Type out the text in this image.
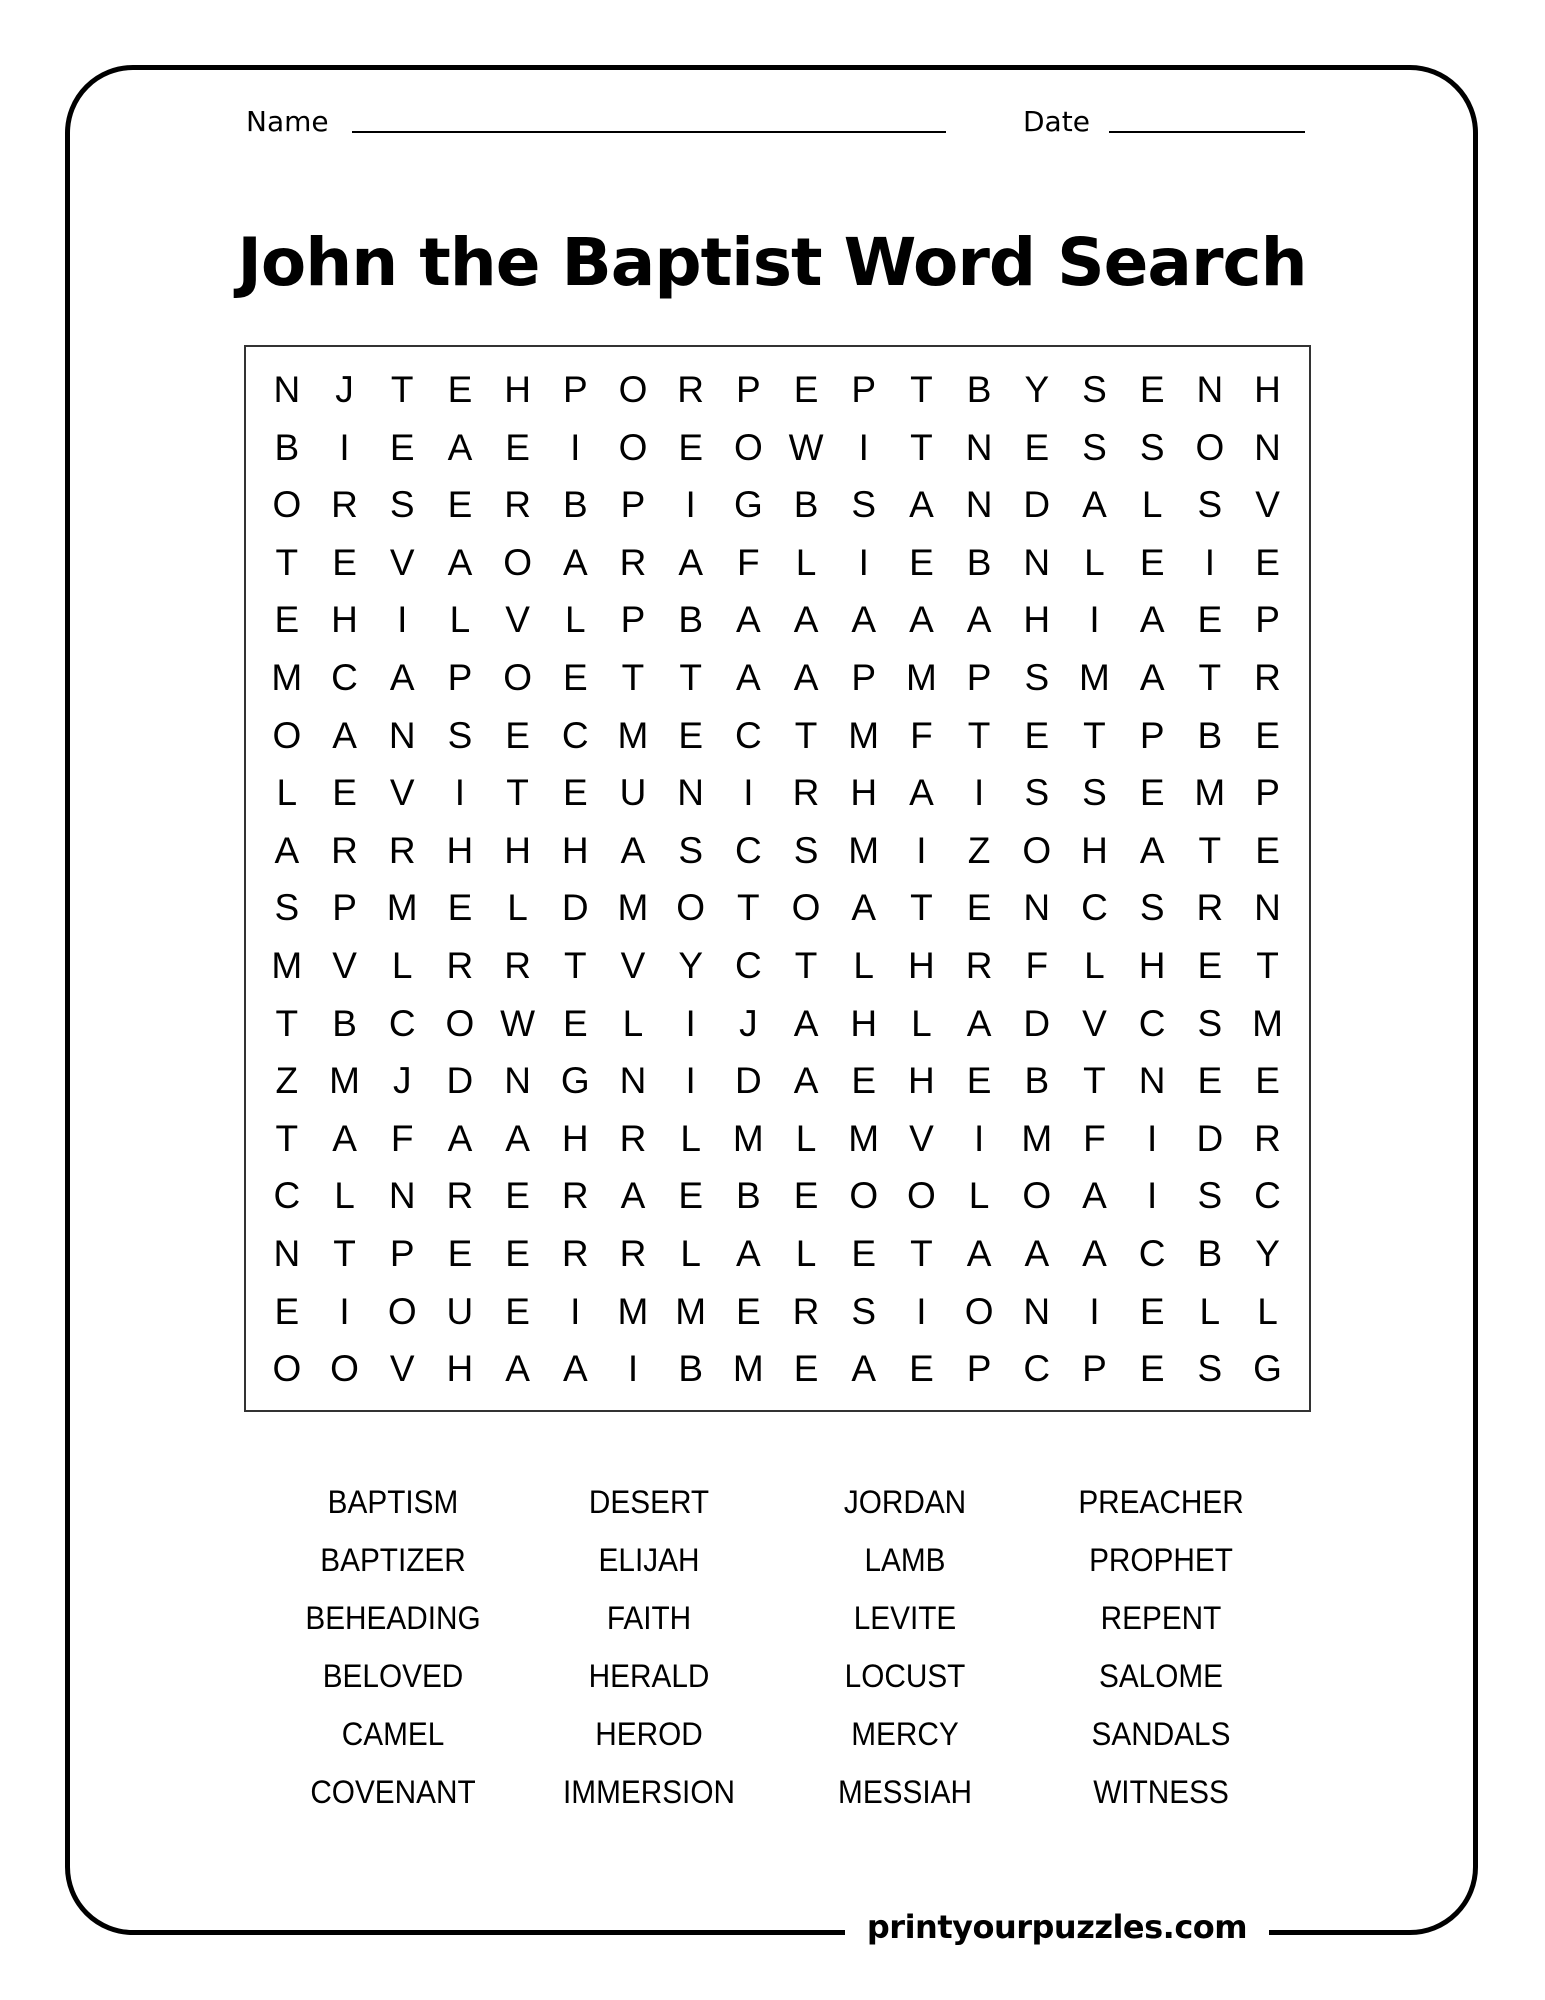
printyourpuzzles.com
Name	Date
John the Baptist Word Search
N J	T E H P O R P E P T B Y S E N H
B	I	E A E	I	O E O W I	T N E S S O N
O R S E R B P	I	G B S A N D A L S V
T E V A O A R A F L	I	E B N L E	I	E
E H	I	L V L P B A A A A A H	I	A E P
M C A P O E T T A A P M P S M A T R
O A N S E C M E C T M F T E T P B E
L E V	I	T E U N	I	R H A	I	S S E M P
A R R H H H A S C S M	I	Z O H A T E
S P M E L D M O T O A T E N C S R N
M V L R R T V Y C T L H R F L H E T
T B C O W E L	I	J A H L A D V C S M
Z M J D N G N	I	D A E H E B T N E E
T A F A A H R L M L M V	I	M F	I	D R
C L N R E R A E B E O O L O A	I	S C
N T P E E R R L A L E T A A A C B Y
E	I	O U E	I	M M E R S	I	O N	I	E L	L
O O V H A A	I	B M E A E P C P E S G
BAPTISM	DESERT	JORDAN	PREACHER
BAPTIZER	ELIJAH	LAMB	PROPHET
BEHEADING	FAITH	LEVITE	REPENT
BELOVED	HERALD	LOCUST	SALOME
CAMEL	HEROD	MERCY	SANDALS
COVENANT	IMMERSION	MESSIAH	WITNESS
